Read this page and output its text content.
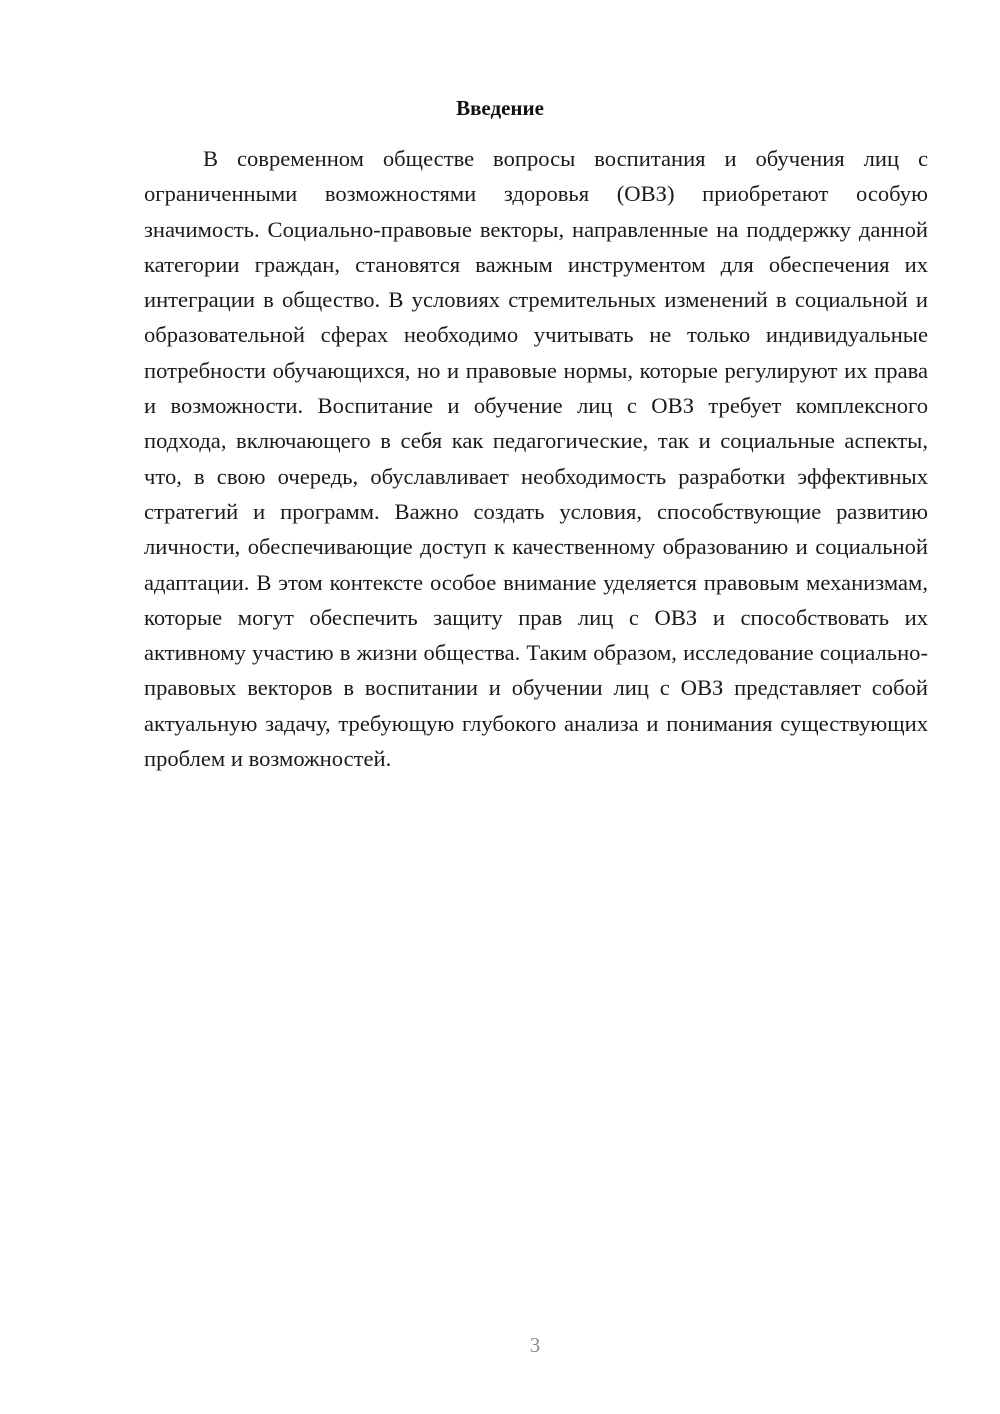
Введение

В современном обществе вопросы воспитания и обучения лиц с ограниченными возможностями здоровья (ОВЗ) приобретают особую значимость. Социально-правовые векторы, направленные на поддержку данной категории граждан, становятся важным инструментом для обеспечения их интеграции в общество. В условиях стремительных изменений в социальной и образовательной сферах необходимо учитывать не только индивидуальные потребности обучающихся, но и правовые нормы, которые регулируют их права и возможности. Воспитание и обучение лиц с ОВЗ требует комплексного подхода, включающего в себя как педагогические, так и социальные аспекты, что, в свою очередь, обуславливает необходимость разработки эффективных стратегий и программ. Важно создать условия, способствующие развитию личности, обеспечивающие доступ к качественному образованию и социальной адаптации. В этом контексте особое внимание уделяется правовым механизмам, которые могут обеспечить защиту прав лиц с ОВЗ и способствовать их активному участию в жизни общества. Таким образом, исследование социально-правовых векторов в воспитании и обучении лиц с ОВЗ представляет собой актуальную задачу, требующую глубокого анализа и понимания существующих проблем и возможностей.

3
